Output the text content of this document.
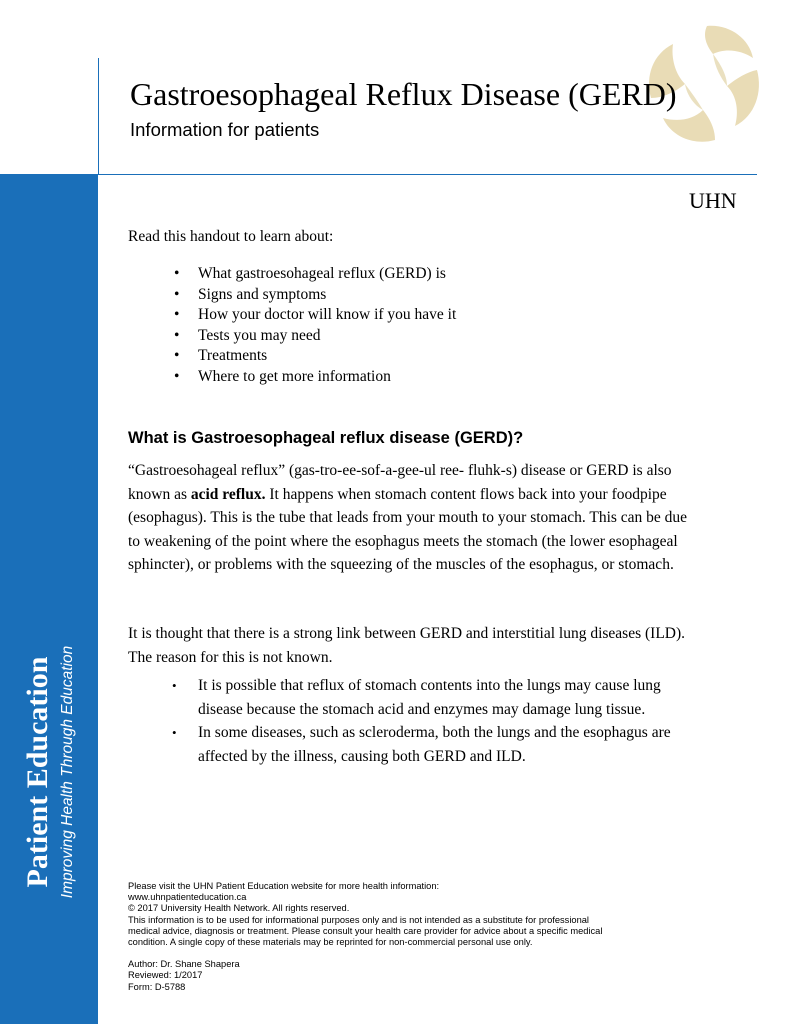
Patient Education Improving Health Through Education
Gastroesophageal Reflux Disease (GERD)
Information for patients
UHN
Read this handout to learn about:
• What gastroesohageal reflux (GERD) is
• Signs and symptoms
• How your doctor will know if you have it
• Tests you may need
• Treatments
• Where to get more information
What is Gastroesophageal reflux disease (GERD)?

“Gastroesohageal reflux” (gas-tro-ee-sof-a-gee-ul ree- fluhk-s) disease or GERD is also known as acid reflux. It happens when stomach content flows back into your foodpipe (esophagus). This is the tube that leads from your mouth to your stomach. This can be due to weakening of the point where the esophagus meets the stomach (the lower esophageal sphincter), or problems with the squeezing of the muscles of the esophagus, or stomach.

It is thought that there is a strong link between GERD and interstitial lung diseases (ILD). The reason for this is not known.

• It is possible that reflux of stomach contents into the lungs may cause lung disease because the stomach acid and enzymes may damage lung tissue.
• In some diseases, such as scleroderma, both the lungs and the esophagus are affected by the illness, causing both GERD and ILD.
Please visit the UHN Patient Education website for more health information:
www.uhnpatienteducation.ca
© 2017 University Health Network. All rights reserved.
This information is to be used for informational purposes only and is not intended as a substitute for professional
medical advice, diagnosis or treatment. Please consult your health care provider for advice about a specific medical
condition. A single copy of these materials may be reprinted for non-commercial personal use only.
Author: Dr. Shane Shapera
Reviewed: 1/2017
Form: D-5788
